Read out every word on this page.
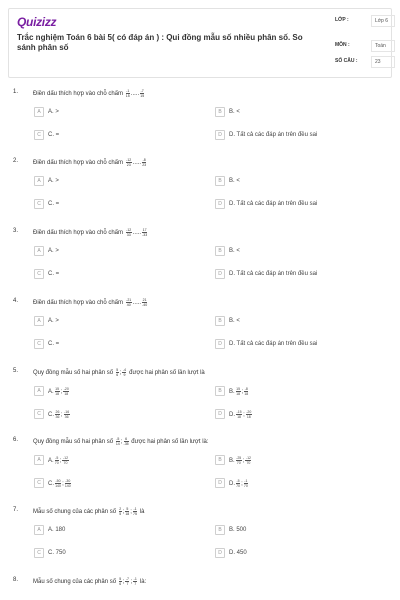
Quizizz
Trắc nghiệm Toán 6 bài 5( có đáp án ) : Qui đồng mẫu số nhiều phân số. So sánh phân số
LỚP :	Lớp 6
MÔN :	Toán
SỐ CÂU :	23
1. Điền dấu thích hợp vào chỗ chấm $\frac{-1}{15}$ ..... $\frac{-7}{15}$
A	A. >	B	B. <
C	C. =	D	D. Tất cả các đáp án trên đều sai
2. Điền dấu thích hợp vào chỗ chấm $\frac{-12}{23}$ ..... $\frac{-8}{23}$
A	A. >	B	B. <
C	C. =	D	D. Tất cả các đáp án trên đều sai
3. Điền dấu thích hợp vào chỗ chấm $\frac{-12}{33}$ ..... $\frac{17}{-33}$
A	A. >	B	B. <
C	C. =	D	D. Tất cả các đáp án trên đều sai
4. Điền dấu thích hợp vào chỗ chấm $\frac{-21}{40}$ ..... $\frac{21}{-40}$
A	A. >	B	B. <
C	C. =	D	D. Tất cả các đáp án trên đều sai
5. Quy đồng mẫu số hai phân số $\frac{5}{6}$ ; $\frac{-4}{9}$ được hai phân số lần lượt là
A	A. $\frac{15}{18}$ ; $\frac{-20}{18}$	B	B. $\frac{15}{18}$ ; $\frac{-8}{18}$
C	C. $\frac{26}{36}$ ; $\frac{-16}{36}$	D	D. $\frac{-15}{18}$ ; $\frac{-20}{18}$
6. Quy đồng mẫu số hai phân số $\frac{-5}{14}$ ; $\frac{6}{-35}$ được hai phân số lần lượt là:
A	A. $\frac{-5}{70}$ ; $\frac{-12}{70}$	B	B. $\frac{-25}{70}$ ; $\frac{-12}{70}$
C	C. $\frac{-50}{140}$ ; $\frac{-30}{140}$	D	D. $\frac{-5}{70}$ ; $\frac{-1}{70}$
7. Mẫu số chung của các phân số $\frac{2}{5}$ ; $\frac{5}{18}$ ; $\frac{-1}{75}$ là
A	A. 180	B	B. 500
C	C. 750	D	D. 450
8. Mẫu số chung của các phân số $\frac{5}{6}$ ; $\frac{-7}{7}$ ; $\frac{-1}{7}$ là:
